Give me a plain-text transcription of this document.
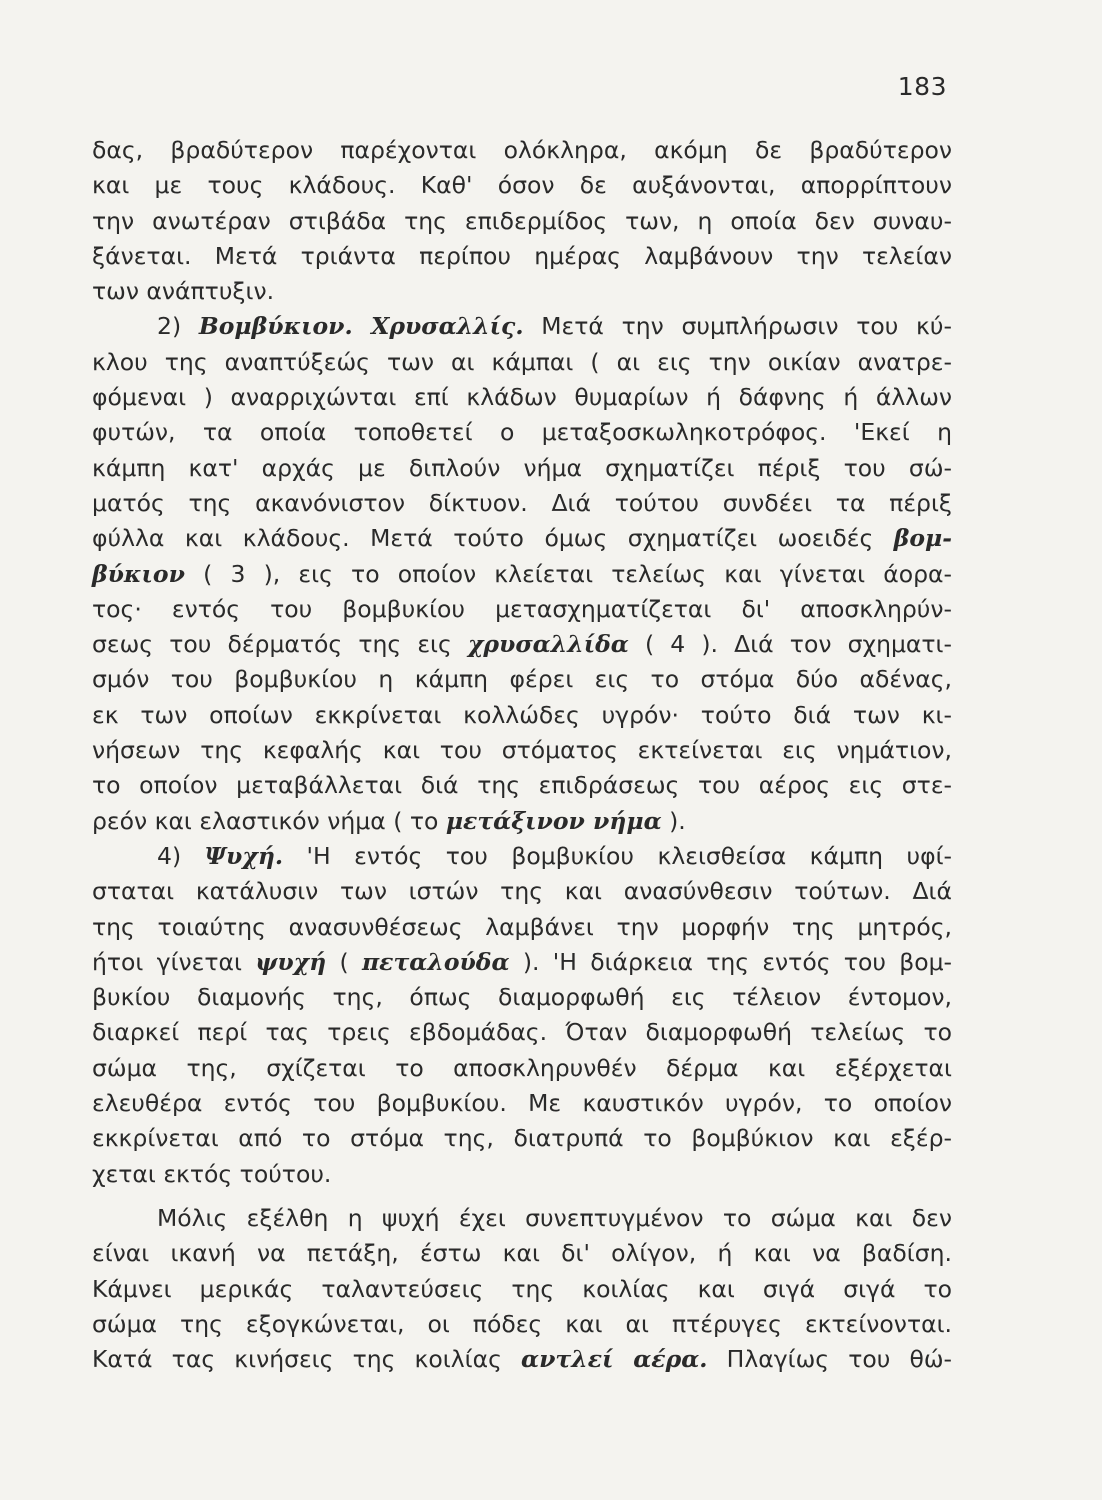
183
δας, βραδύτερον παρέχονται ολόκληρα, ακόμη δε βραδύτερον
και με τους κλάδους. Καθ' όσον δε αυξάνονται, απορρίπτουν
την ανωτέραν στιβάδα της επιδερμίδος των, η οποία δεν συναυ-
ξάνεται. Μετά τριάντα περίπου ημέρας λαμβάνουν την τελείαν
των ανάπτυξιν.
2) Βομβύκιον. Χρυσαλλίς. Μετά την συμπλήρωσιν του κύ-
κλου της αναπτύξεώς των αι κάμπαι ( αι εις την οικίαν ανατρε-
φόμεναι ) αναρριχώνται επί κλάδων θυμαρίων ή δάφνης ή άλλων
φυτών, τα οποία τοποθετεί ο μεταξοσκωληκοτρόφος. 'Εκεί η
κάμπη κατ' αρχάς με διπλούν νήμα σχηματίζει πέριξ του σώ-
ματός της ακανόνιστον δίκτυον. Διά τούτου συνδέει τα πέριξ
φύλλα και κλάδους. Μετά τούτο όμως σχηματίζει ωοειδές βομ-
βύκιον ( 3 ), εις το οποίον κλείεται τελείως και γίνεται άορα-
τος· εντός του βομβυκίου μετασχηματίζεται δι' αποσκληρύν-
σεως του δέρματός της εις χρυσαλλίδα ( 4 ). Διά τον σχηματι-
σμόν του βομβυκίου η κάμπη φέρει εις το στόμα δύο αδένας,
εκ των οποίων εκκρίνεται κολλώδες υγρόν· τούτο διά των κι-
νήσεων της κεφαλής και του στόματος εκτείνεται εις νημάτιον,
το οποίον μεταβάλλεται διά της επιδράσεως του αέρος εις στε-
ρεόν και ελαστικόν νήμα ( το μετάξινον νήμα ).
4) Ψυχή. 'Η εντός του βομβυκίου κλεισθείσα κάμπη υφί-
σταται κατάλυσιν των ιστών της και ανασύνθεσιν τούτων. Διά
της τοιαύτης ανασυνθέσεως λαμβάνει την μορφήν της μητρός,
ήτοι γίνεται ψυχή ( πεταλούδα ). 'Η διάρκεια της εντός του βομ-
βυκίου διαμονής της, όπως διαμορφωθή εις τέλειον έντομον,
διαρκεί περί τας τρεις εβδομάδας. Όταν διαμορφωθή τελείως το
σώμα της, σχίζεται το αποσκληρυνθέν δέρμα και εξέρχεται
ελευθέρα εντός του βομβυκίου. Με καυστικόν υγρόν, το οποίον
εκκρίνεται από το στόμα της, διατρυπά το βομβύκιον και εξέρ-
χεται εκτός τούτου.
Μόλις εξέλθη η ψυχή έχει συνεπτυγμένον το σώμα και δεν
είναι ικανή να πετάξη, έστω και δι' ολίγον, ή και να βαδίση.
Κάμνει μερικάς ταλαντεύσεις της κοιλίας και σιγά σιγά το
σώμα της εξογκώνεται, οι πόδες και αι πτέρυγες εκτείνονται.
Κατά τας κινήσεις της κοιλίας αντλεί αέρα. Πλαγίως του θώ-
